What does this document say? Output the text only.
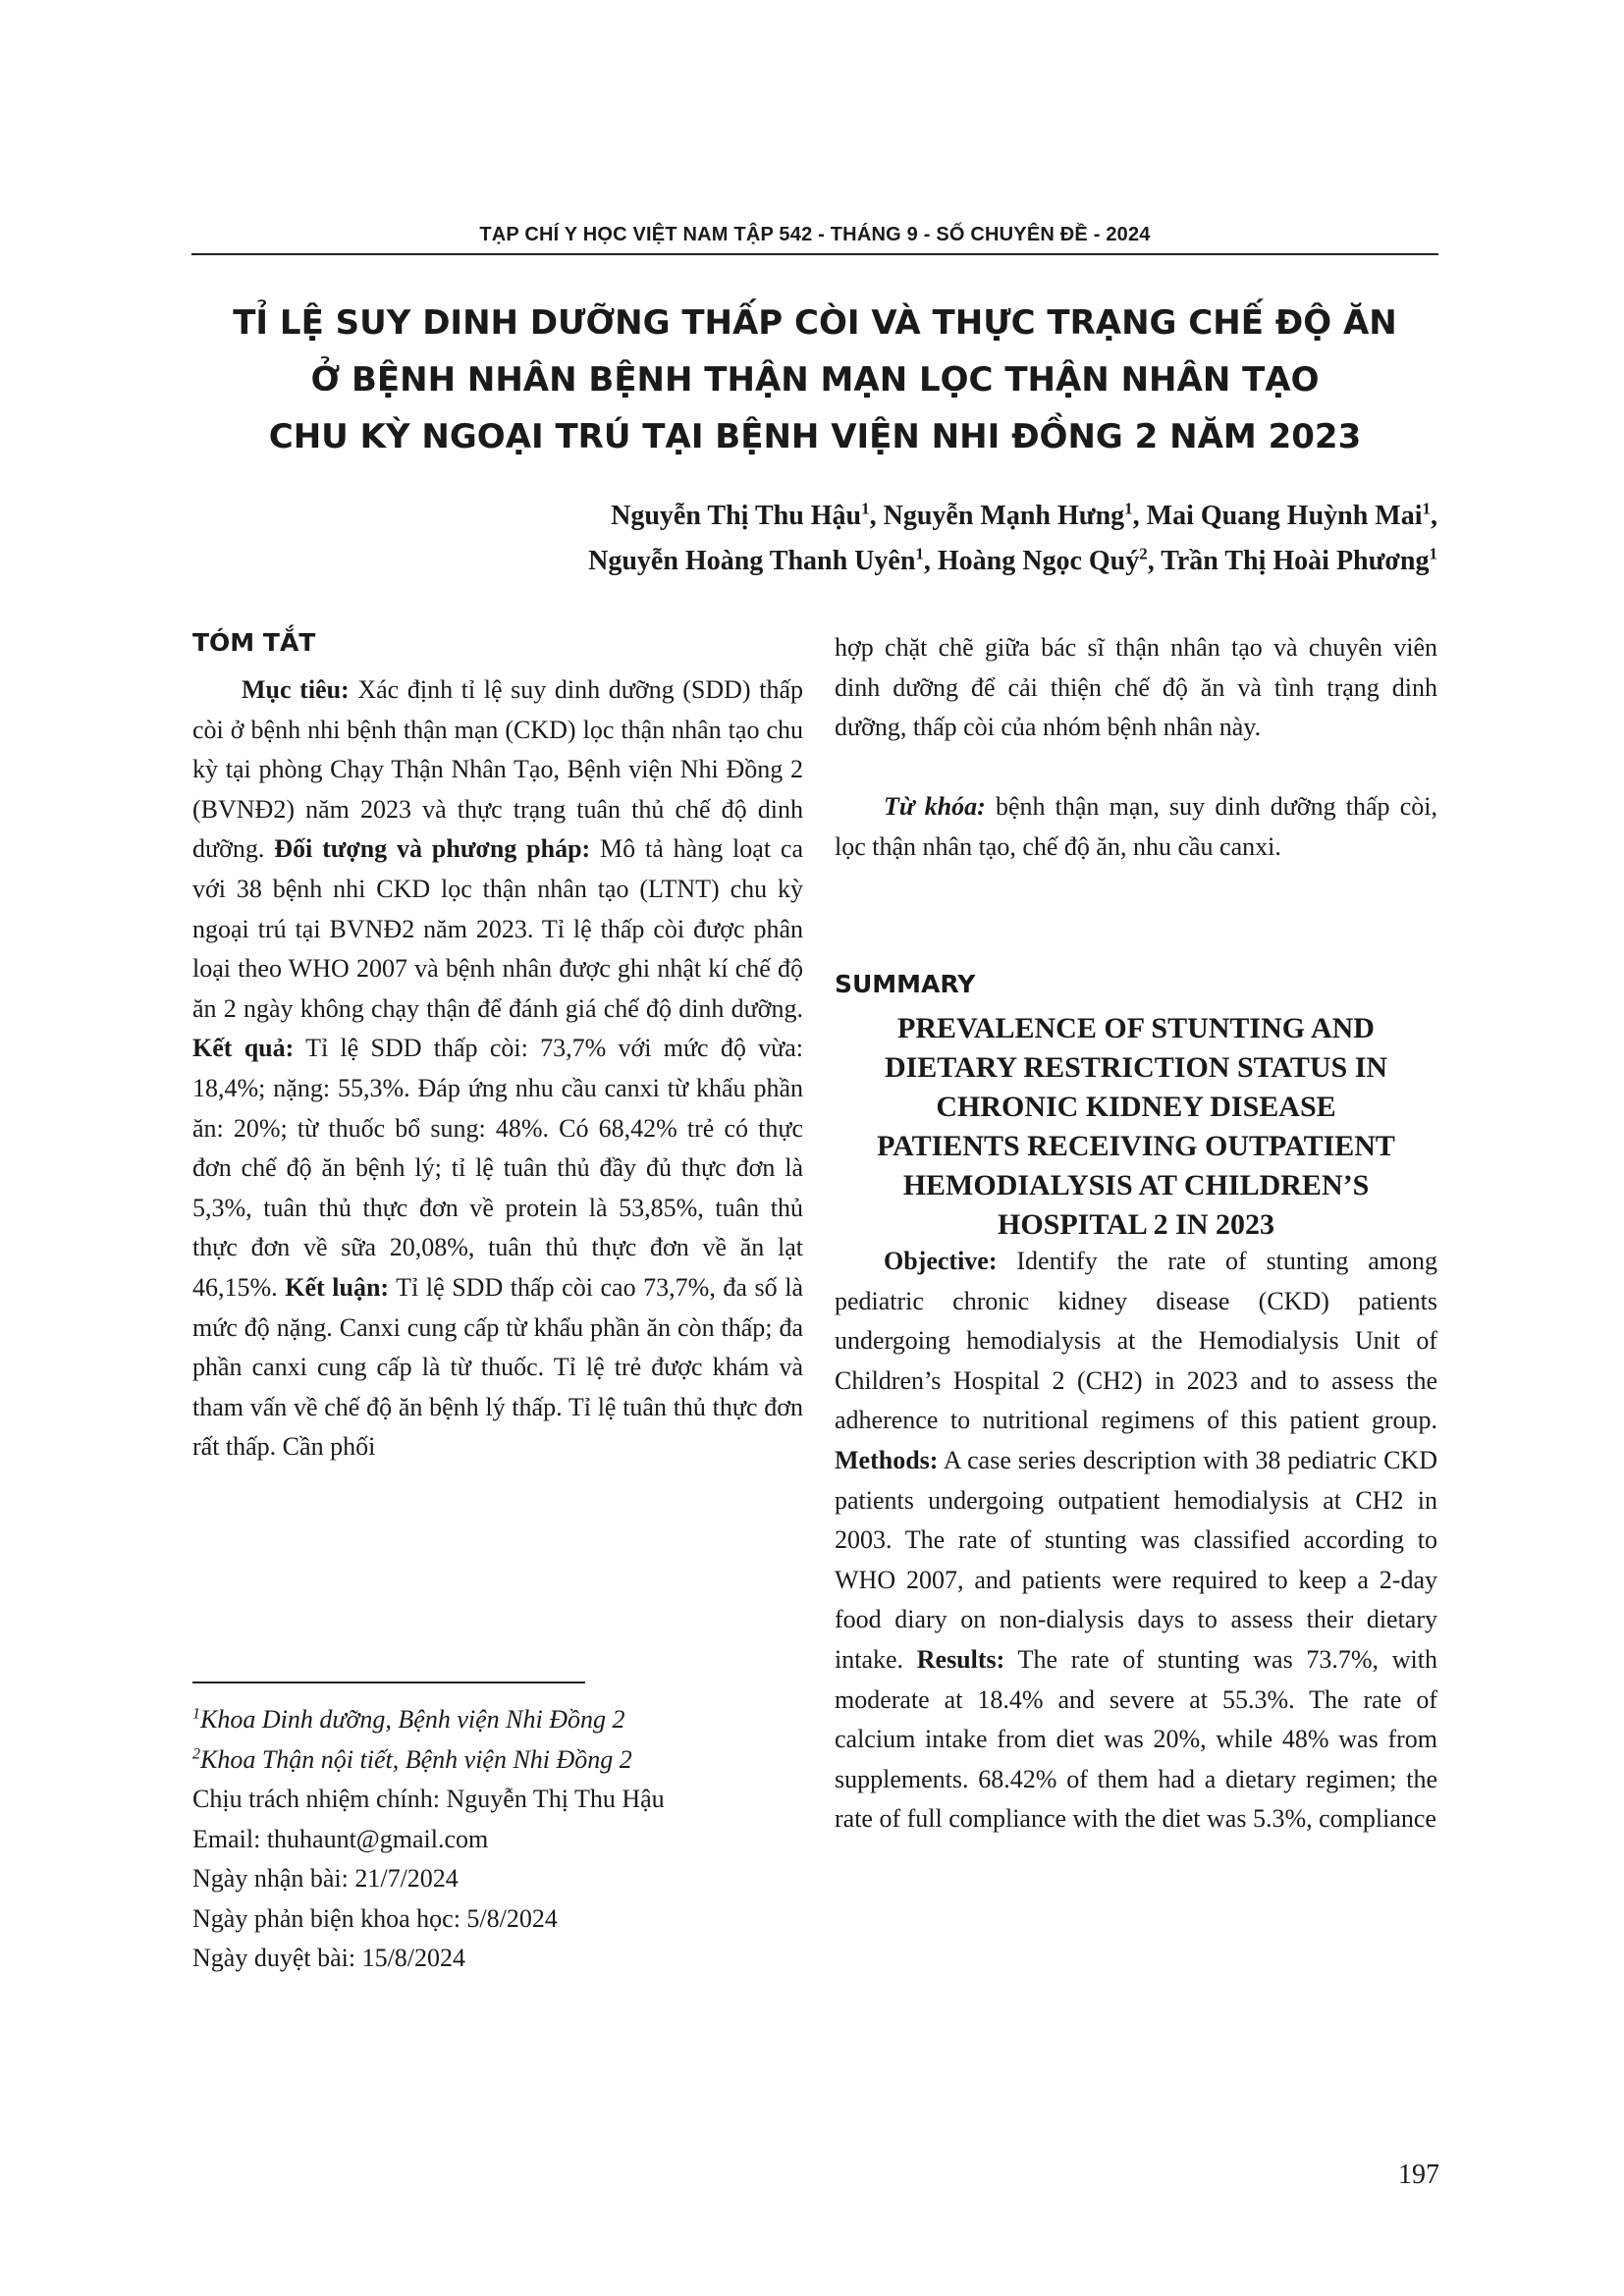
TẠP CHÍ Y HỌC VIỆT NAM TẬP 542 - THÁNG 9 - SỐ CHUYÊN ĐỀ - 2024
TỈ LỆ SUY DINH DƯỠNG THẤP CÒI VÀ THỰC TRẠNG CHẾ ĐỘ ĂN
Ở BỆNH NHÂN BỆNH THẬN MẠN LỌC THẬN NHÂN TẠO
CHU KỲ NGOẠI TRÚ TẠI BỆNH VIỆN NHI ĐỒNG 2 NĂM 2023
Nguyễn Thị Thu Hậu$^1$, Nguyễn Mạnh Hưng$^1$, Mai Quang Huỳnh Mai$^1$,
Nguyễn Hoàng Thanh Uyên$^1$, Hoàng Ngọc Quý$^2$, Trần Thị Hoài Phương$^1$
TÓM TẮT

Mục tiêu: Xác định tỉ lệ suy dinh dưỡng (SDD) thấp còi ở bệnh nhi bệnh thận mạn (CKD) lọc thận nhân tạo chu kỳ tại phòng Chạy Thận Nhân Tạo, Bệnh viện Nhi Đồng 2 (BVNĐ2) năm 2023 và thực trạng tuân thủ chế độ dinh dưỡng. Đối tượng và phương pháp: Mô tả hàng loạt ca với 38 bệnh nhi CKD lọc thận nhân tạo (LTNT) chu kỳ ngoại trú tại BVNĐ2 năm 2023. Tỉ lệ thấp còi được phân loại theo WHO 2007 và bệnh nhân được ghi nhật kí chế độ ăn 2 ngày không chạy thận để đánh giá chế độ dinh dưỡng. Kết quả: Tỉ lệ SDD thấp còi: 73,7% với mức độ vừa: 18,4%; nặng: 55,3%. Đáp ứng nhu cầu canxi từ khẩu phần ăn: 20%; từ thuốc bổ sung: 48%. Có 68,42% trẻ có thực đơn chế độ ăn bệnh lý; tỉ lệ tuân thủ đầy đủ thực đơn là 5,3%, tuân thủ thực đơn về protein là 53,85%, tuân thủ thực đơn về sữa 20,08%, tuân thủ thực đơn về ăn lạt 46,15%. Kết luận: Tỉ lệ SDD thấp còi cao 73,7%, đa số là mức độ nặng. Canxi cung cấp từ khẩu phần ăn còn thấp; đa phần canxi cung cấp là từ thuốc. Tỉ lệ trẻ được khám và tham vấn về chế độ ăn bệnh lý thấp. Tỉ lệ tuân thủ thực đơn rất thấp. Cần phối

$^1$Khoa Dinh dưỡng, Bệnh viện Nhi Đồng 2
$^2$Khoa Thận nội tiết, Bệnh viện Nhi Đồng 2
Chịu trách nhiệm chính: Nguyễn Thị Thu Hậu
Email: thuhaunt@gmail.com
Ngày nhận bài: 21/7/2024
Ngày phản biện khoa học: 5/8/2024
Ngày duyệt bài: 15/8/2024

hợp chặt chẽ giữa bác sĩ thận nhân tạo và chuyên viên dinh dưỡng để cải thiện chế độ ăn và tình trạng dinh dưỡng, thấp còi của nhóm bệnh nhân này.

Từ khóa: bệnh thận mạn, suy dinh dưỡng thấp còi, lọc thận nhân tạo, chế độ ăn, nhu cầu canxi.

SUMMARY
PREVALENCE OF STUNTING AND
DIETARY RESTRICTION STATUS IN
CHRONIC KIDNEY DISEASE
PATIENTS RECEIVING OUTPATIENT
HEMODIALYSIS AT CHILDREN’S
HOSPITAL 2 IN 2023

Objective: Identify the rate of stunting among pediatric chronic kidney disease (CKD) patients undergoing hemodialysis at the Hemodialysis Unit of Children’s Hospital 2 (CH2) in 2023 and to assess the adherence to nutritional regimens of this patient group. Methods: A case series description with 38 pediatric CKD patients undergoing outpatient hemodialysis at CH2 in 2003. The rate of stunting was classified according to WHO 2007, and patients were required to keep a 2-day food diary on non-dialysis days to assess their dietary intake. Results: The rate of stunting was 73.7%, with moderate at 18.4% and severe at 55.3%. The rate of calcium intake from diet was 20%, while 48% was from supplements. 68.42% of them had a dietary regimen; the rate of full compliance with the diet was 5.3%, compliance

197
